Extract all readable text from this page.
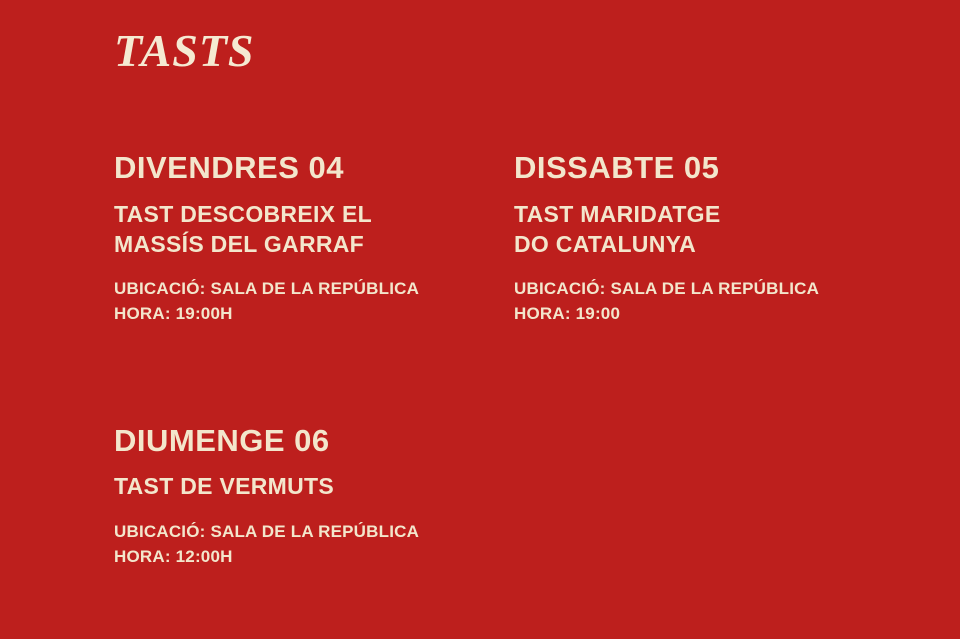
TASTS
DIVENDRES 04
TAST DESCOBREIX EL
MASSÍS DEL GARRAF
UBICACIÓ: SALA DE LA REPÚBLICA
HORA: 19:00H
DISSABTE 05
TAST MARIDATGE
DO CATALUNYA
UBICACIÓ: SALA DE LA REPÚBLICA
HORA: 19:00
DIUMENGE 06
TAST DE VERMUTS
UBICACIÓ: SALA DE LA REPÚBLICA
HORA: 12:00H
